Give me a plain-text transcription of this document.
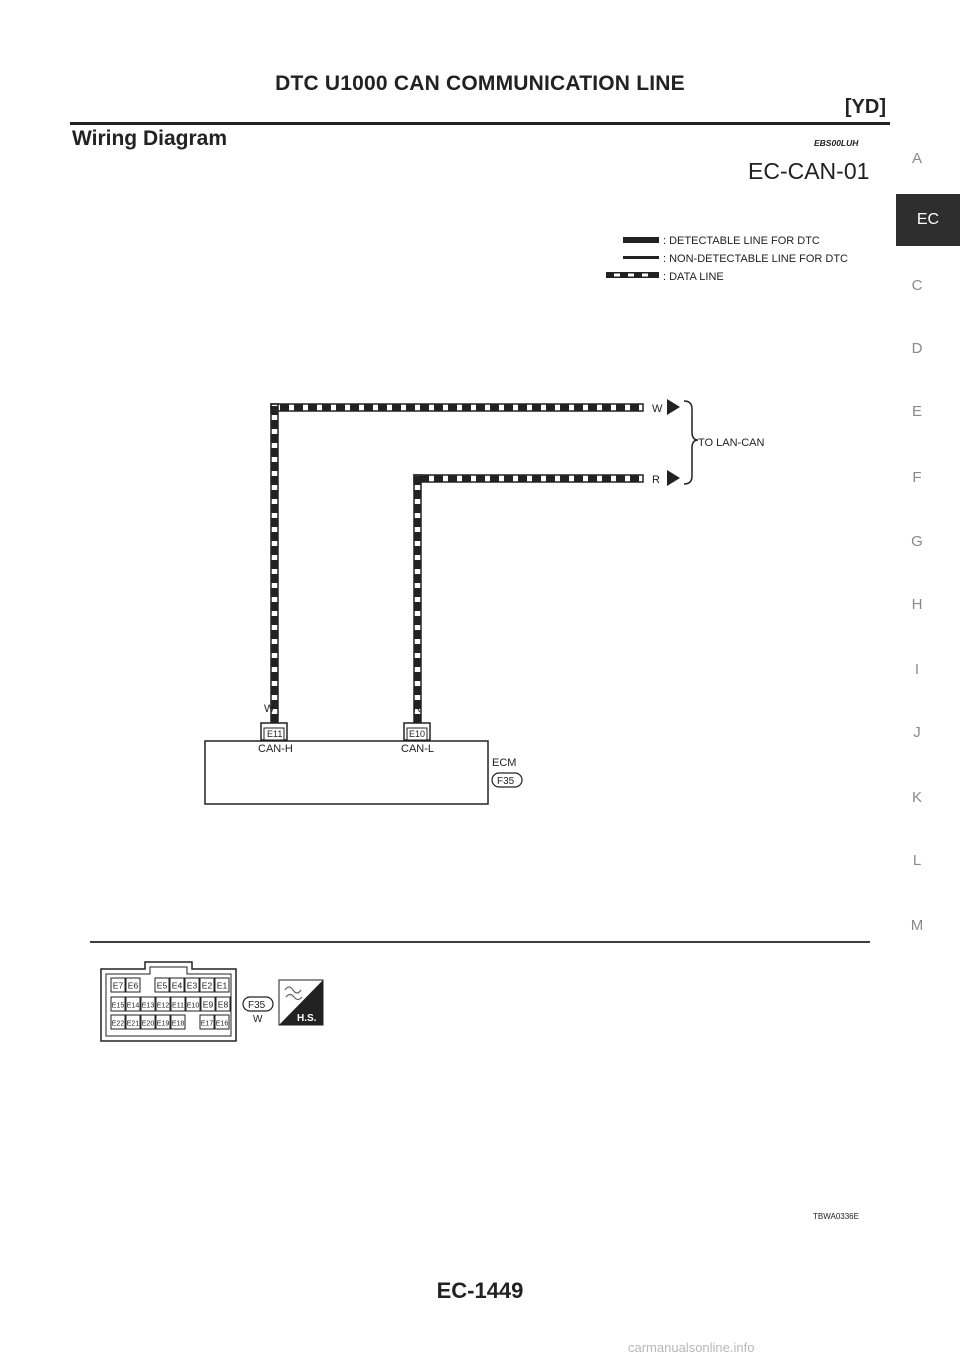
DTC U1000 CAN COMMUNICATION LINE
[YD]
Wiring Diagram	EBS00LUH
EC-CAN-01	A
EC
C
D
E
F
G
H
I
J
K
L
M
: DETECTABLE LINE FOR DTC
: NON-DETECTABLE LINE FOR DTC
: DATA LINE
W
W
R
R
TO LAN-CAN
E11
CAN-H
E10
CAN-L
ECM
F35
E7 E6 E5 E4 E3 E2 E1
E15 E14 E13 E12 E11 E10 E9 E8
E22 E21 E20 E19 E18 E17 E16
F35
W	H.S.
TBWA0336E
EC-1449
carmanualsonline.info
